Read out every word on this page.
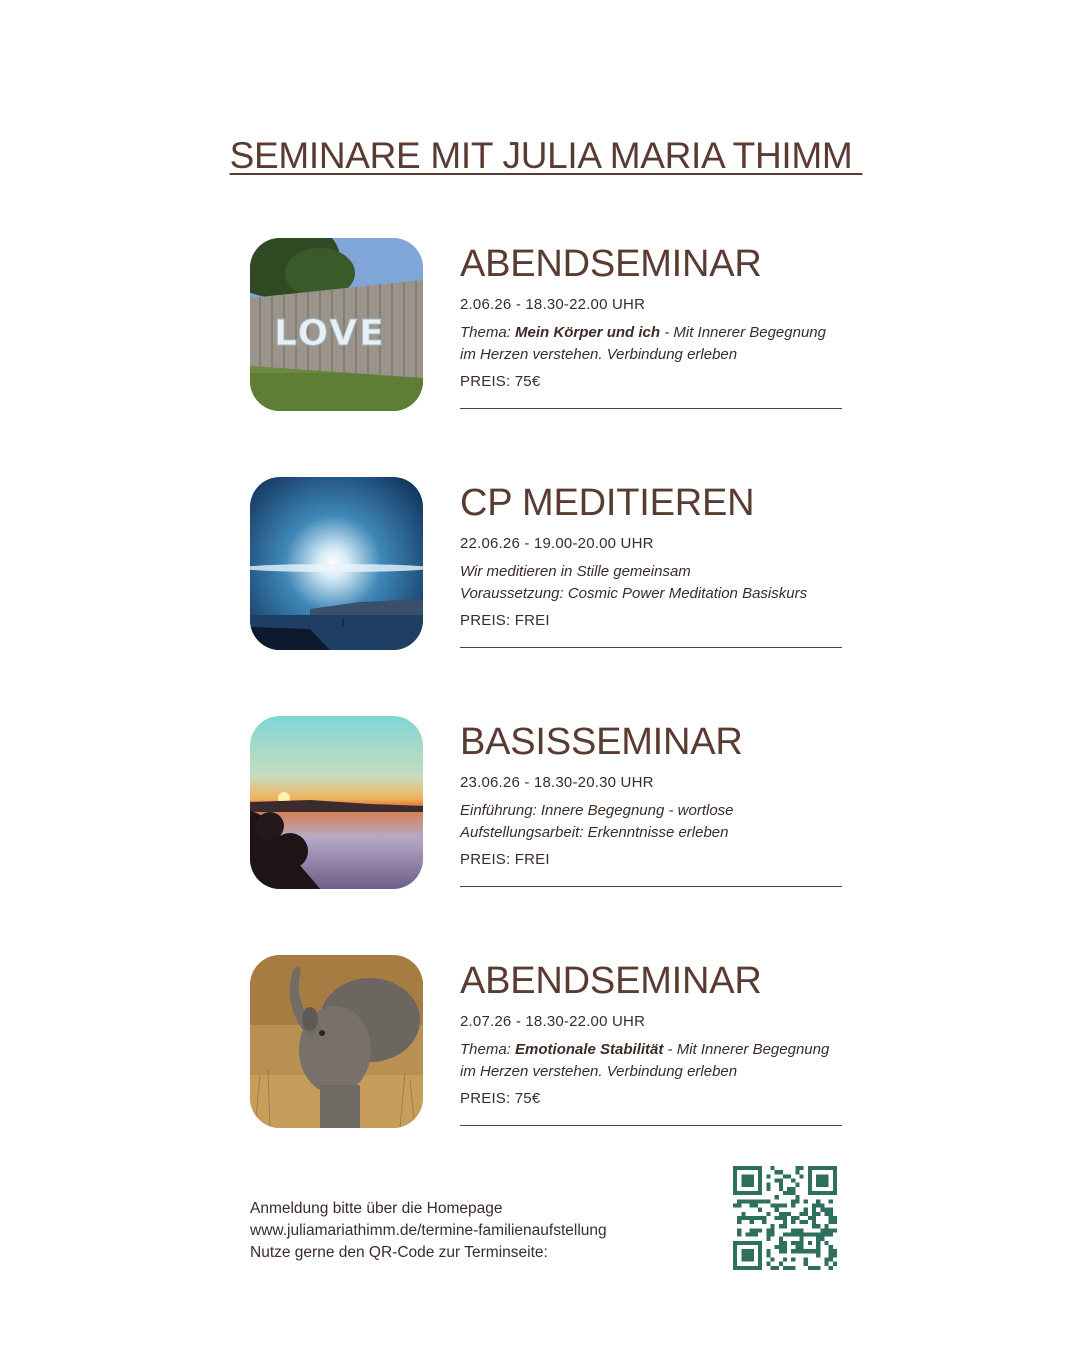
SEMINARE MIT JULIA MARIA THIMM
LOVE
ABENDSEMINAR
2.06.26 - 18.30-22.00 UHR
Thema: Mein Körper und ich - Mit Innerer Begegnung im Herzen verstehen. Verbindung erleben
PREIS: 75€
CP MEDITIEREN
22.06.26 - 19.00-20.00 UHR
Wir meditieren in Stille gemeinsam
Voraussetzung: Cosmic Power Meditation Basiskurs
PREIS: FREI
BASISSEMINAR
23.06.26 - 18.30-20.30 UHR
Einführung: Innere Begegnung - wortlose
Aufstellungsarbeit: Erkenntnisse erleben
PREIS: FREI
ABENDSEMINAR
2.07.26 - 18.30-22.00 UHR
Thema: Emotionale Stabilität - Mit Innerer Begegnung im Herzen verstehen. Verbindung erleben
PREIS: 75€
Anmeldung bitte über die Homepage
www.juliamariathimm.de/termine-familienaufstellung
Nutze gerne den QR-Code zur Terminseite:
